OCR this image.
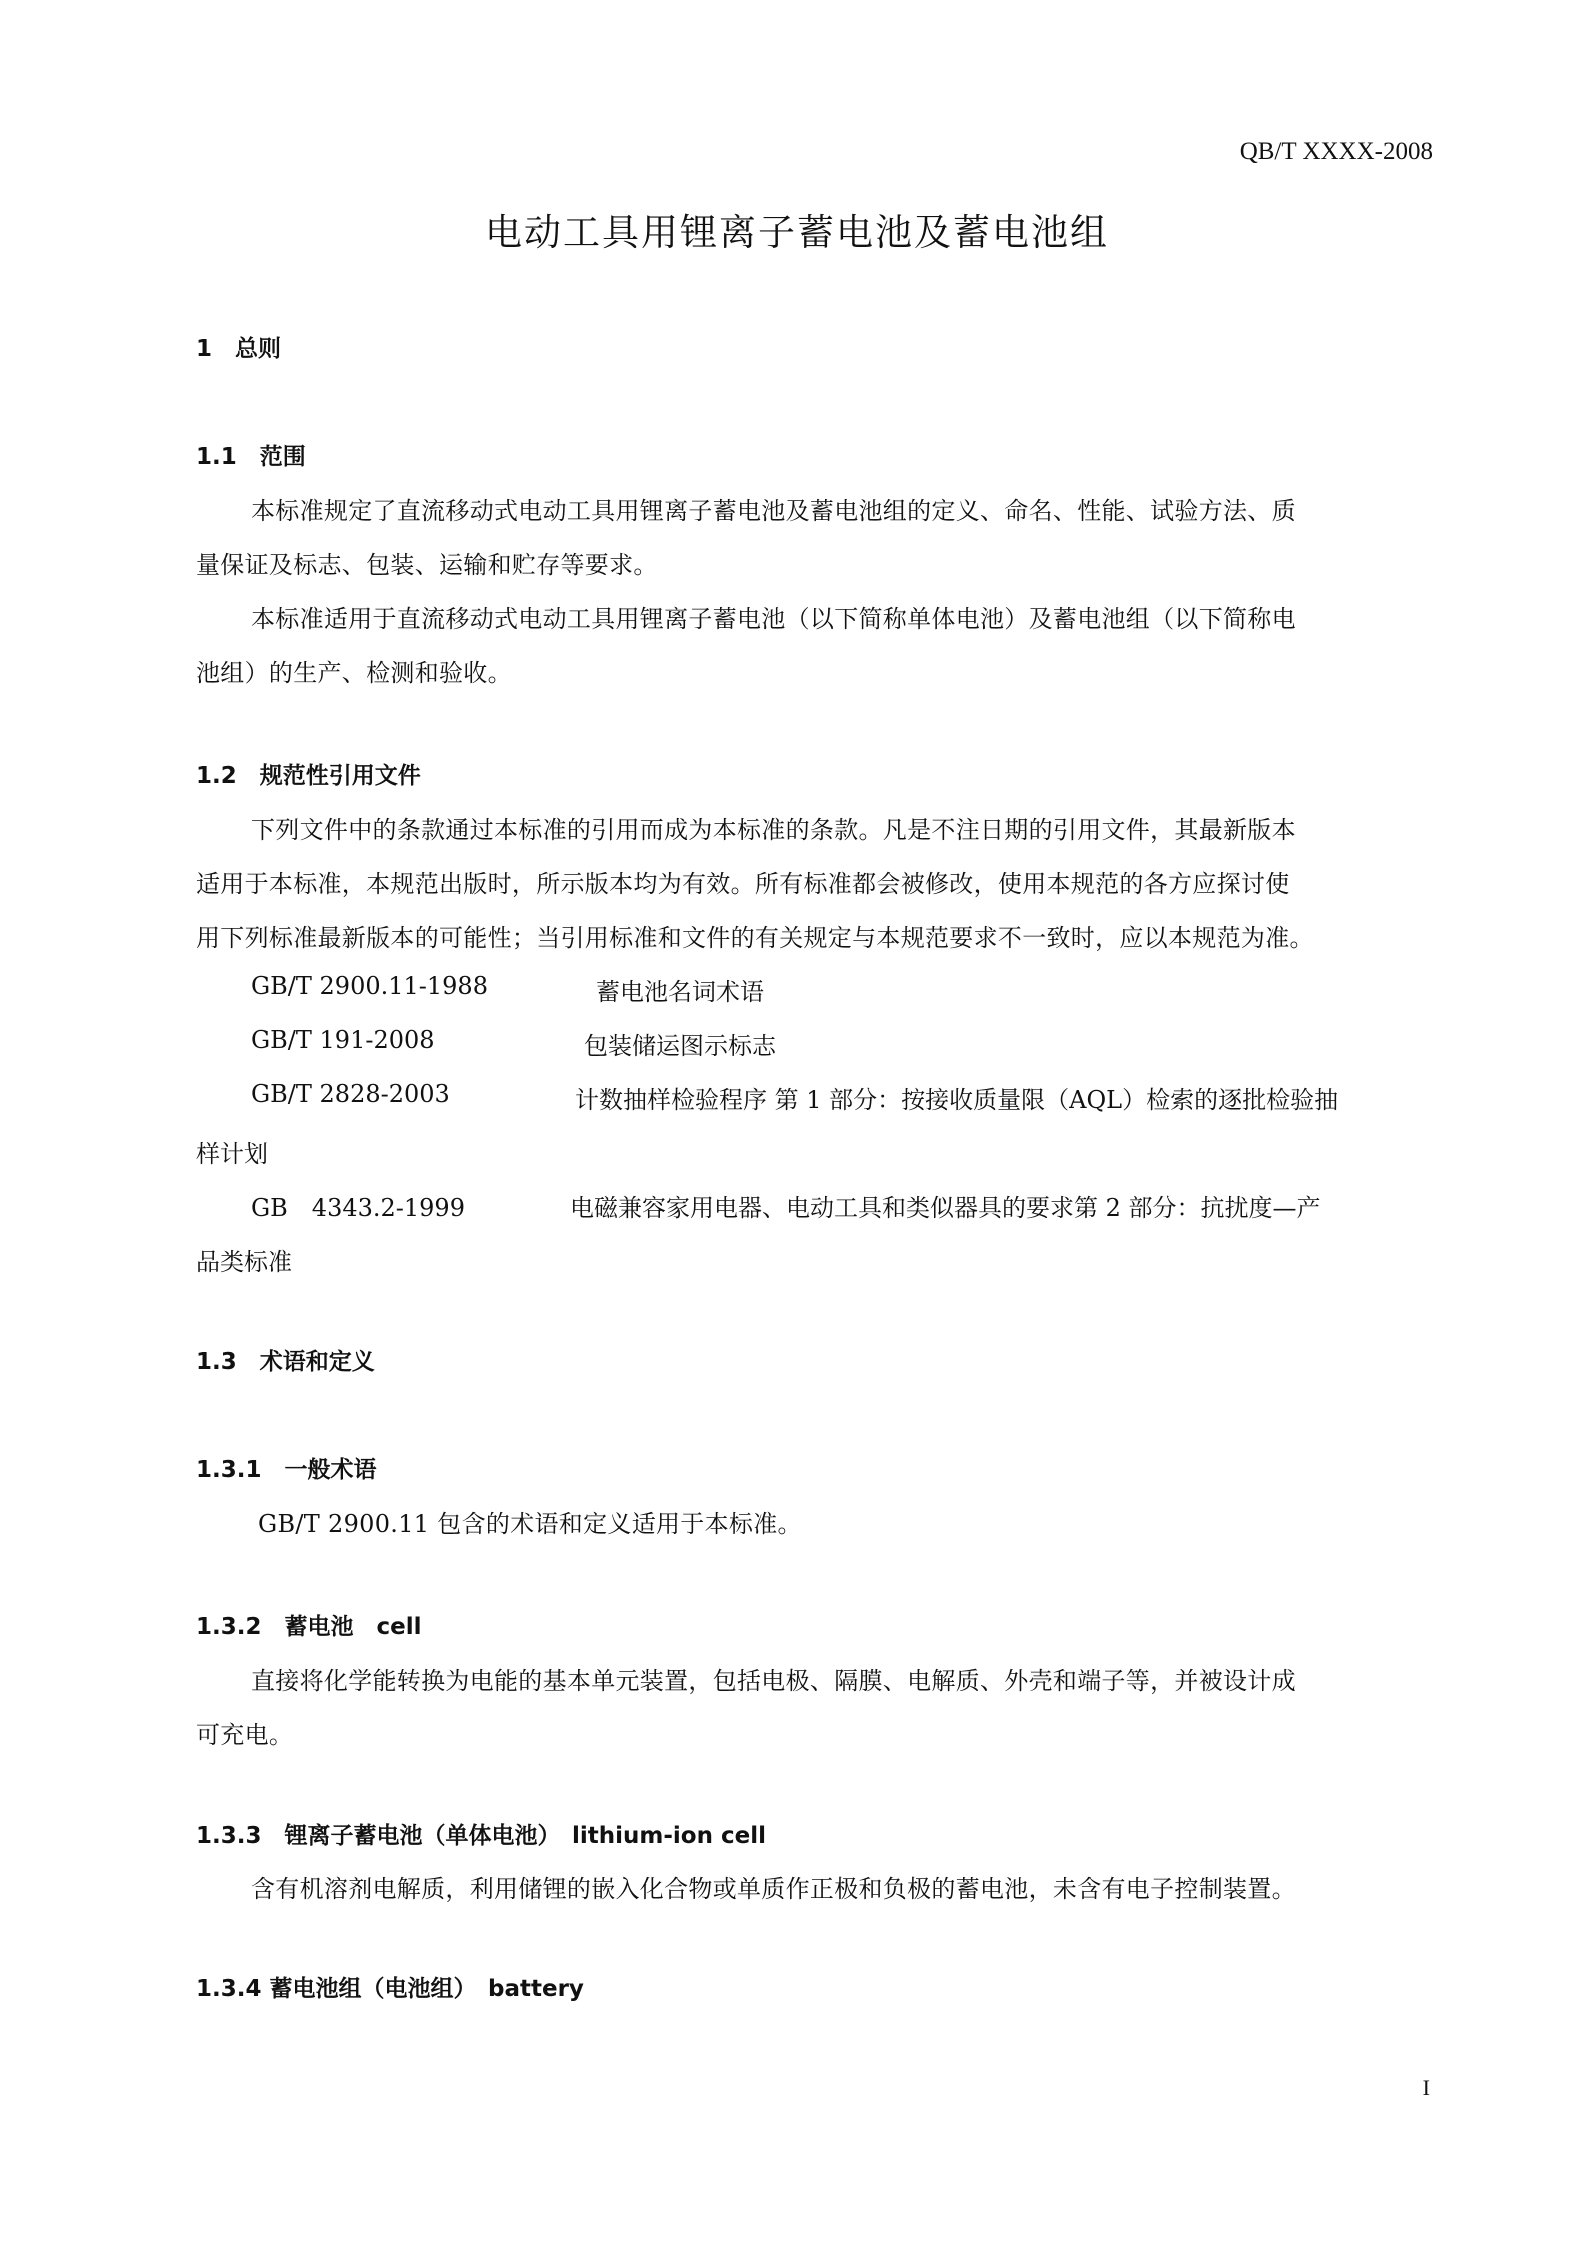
QB/T XXXX-2008
电动工具用锂离子蓄电池及蓄电池组
1　总则
1.1　范围
本标准规定了直流移动式电动工具用锂离子蓄电池及蓄电池组的定义、命名、性能、试验方法、质
量保证及标志、包装、运输和贮存等要求。
本标准适用于直流移动式电动工具用锂离子蓄电池（以下简称单体电池）及蓄电池组（以下简称电
池组）的生产、检测和验收。
1.2　规范性引用文件
下列文件中的条款通过本标准的引用而成为本标准的条款。凡是不注日期的引用文件，其最新版本
适用于本标准，本规范出版时，所示版本均为有效。所有标准都会被修改，使用本规范的各方应探讨使
用下列标准最新版本的可能性；当引用标准和文件的有关规定与本规范要求不一致时，应以本规范为准。
GB/T 2900.11-1988	蓄电池名词术语
GB/T 191-2008	包装储运图示标志
GB/T 2828-2003	计数抽样检验程序 第 1 部分：按接收质量限（AQL）检索的逐批检验抽
样计划
GB　4343.2-1999	电磁兼容家用电器、电动工具和类似器具的要求第 2 部分：抗扰度—产
品类标准
1.3　术语和定义
1.3.1　一般术语
GB/T 2900.11 包含的术语和定义适用于本标准。
1.3.2　蓄电池　cell
直接将化学能转换为电能的基本单元装置，包括电极、隔膜、电解质、外壳和端子等，并被设计成
可充电。
1.3.3　锂离子蓄电池（单体电池）　lithium-ion cell
含有机溶剂电解质，利用储锂的嵌入化合物或单质作正极和负极的蓄电池，未含有电子控制装置。
1.3.4 蓄电池组（电池组）　battery
I
